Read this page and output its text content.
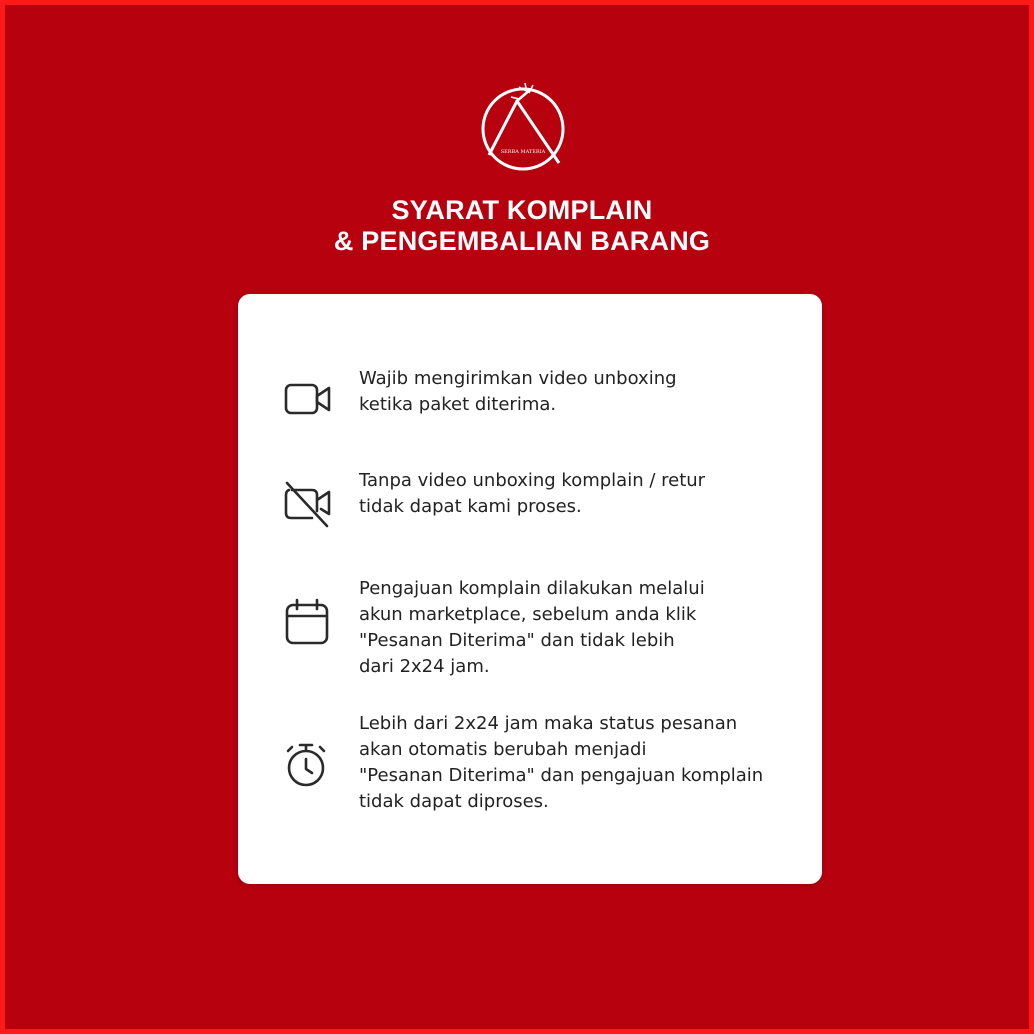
SERBA MATERIA
SYARAT KOMPLAIN
& PENGEMBALIAN BARANG
Wajib mengirimkan video unboxing
ketika paket diterima.
Tanpa video unboxing komplain / retur
tidak dapat kami proses.
Pengajuan komplain dilakukan melalui
akun marketplace, sebelum anda klik
"Pesanan Diterima" dan tidak lebih
dari 2x24 jam.
Lebih dari 2x24 jam maka status pesanan
akan otomatis berubah menjadi
"Pesanan Diterima" dan pengajuan komplain
tidak dapat diproses.
